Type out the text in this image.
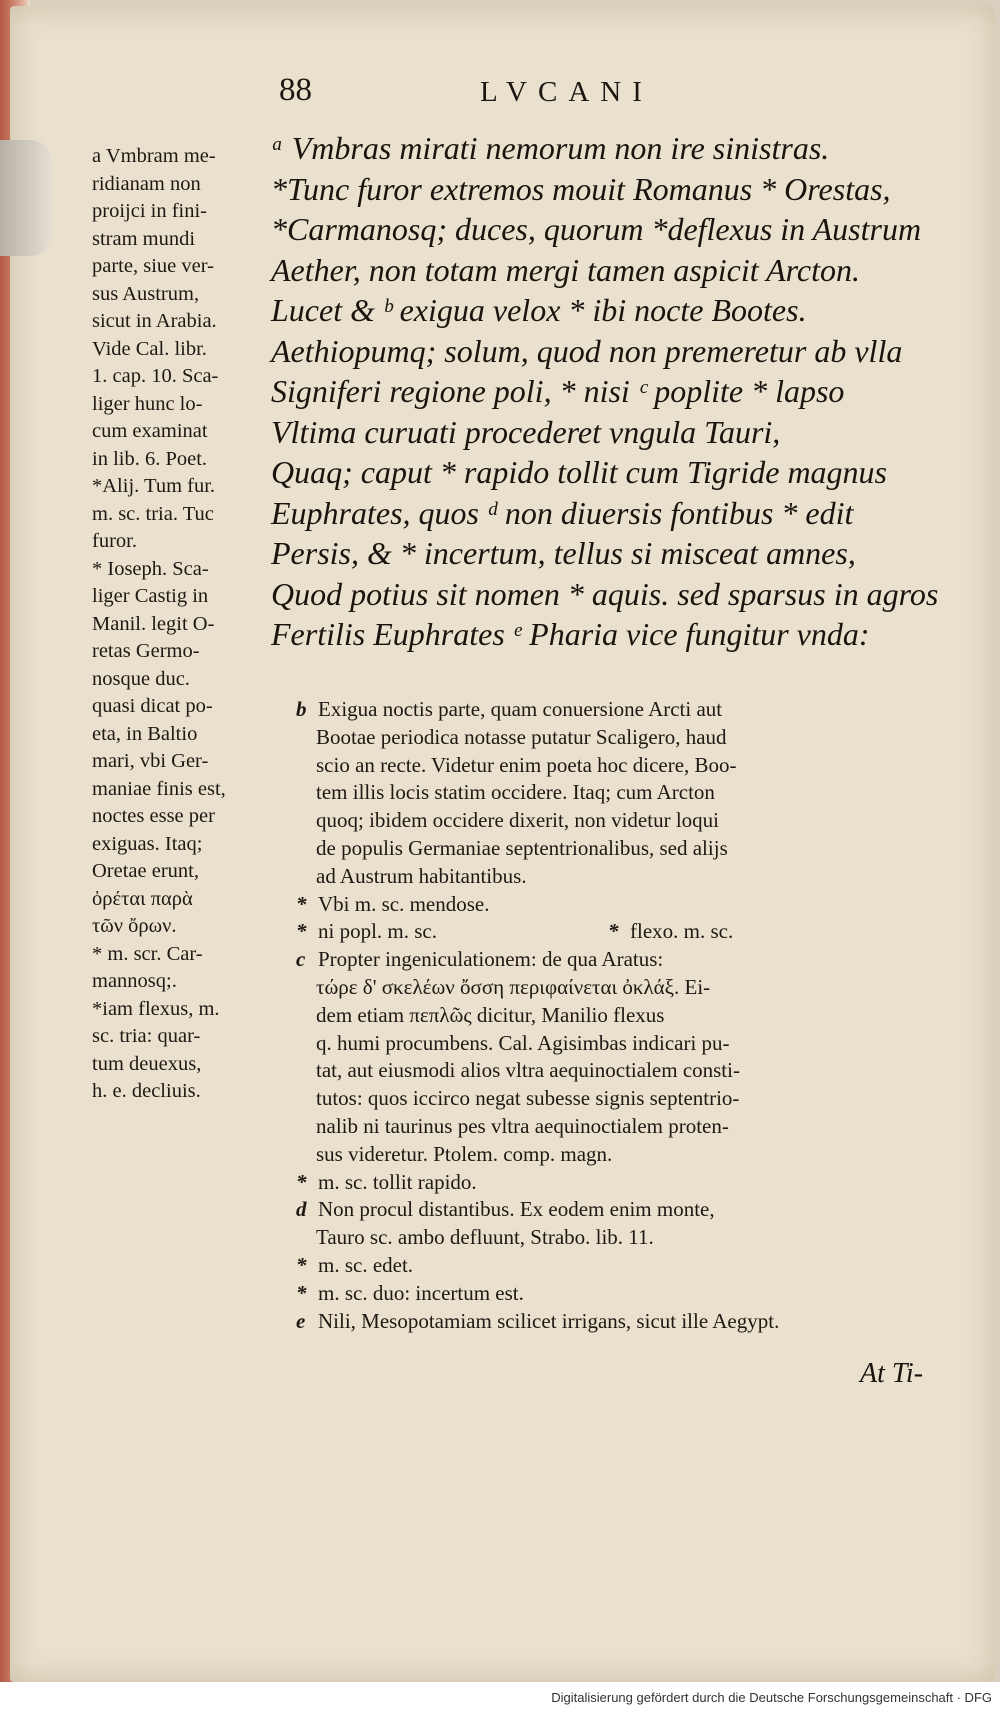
88	LVCANI
ᵃ Vmbras mirati nemorum non ire sinistras.
*Tunc furor extremos mouit Romanus * Orestas,
*Carmanosq; duces, quorum *deflexus in Austrum
Aether, non totam mergi tamen aspicit Arcton.
Lucet & ᵇ exigua velox * ibi nocte Bootes.
Aethiopumq; solum, quod non premeretur ab vlla
Signiferi regione poli, * nisi ᶜ poplite * lapso
Vltima curuati procederet vngula Tauri,
Quaq; caput * rapido tollit cum Tigride magnus
Euphrates, quos ᵈ non diuersis fontibus * edit
Persis, & * incertum, tellus si misceat amnes,
Quod potius sit nomen * aquis. sed sparsus in agros
Fertilis Euphrates ᵉ Pharia vice fungitur vnda:
a Vmbram me-
ridianam non
proijci in fini-
stram mundi
parte, siue ver-
sus Austrum,
sicut in Arabia.
Vide Cal. libr.
1. cap. 10. Sca-
liger hunc lo-
cum examinat
in lib. 6. Poet.
*Alij. Tum fur.
m. sc. tria. Tuc
furor.
* Ioseph. Sca-
liger Castig in
Manil. legit O-
retas Germo-
nosque duc.
quasi dicat po-
eta, in Baltio
mari, vbi Ger-
maniae finis est,
noctes esse per
exiguas. Itaq;
Oretae erunt,
ὀρέται παρὰ
τῶν ὄρων.
* m. scr. Car-
mannosq;.
*iam flexus, m.
sc. tria: quar-
tum deuexus,
h. e. decliuis.
b Exigua noctis parte, quam conuersione Arcti aut
Bootae periodica notasse putatur Scaligero, haud
scio an recte. Videtur enim poeta hoc dicere, Boo-
tem illis locis statim occidere. Itaq; cum Arcton
quoq; ibidem occidere dixerit, non videtur loqui
de populis Germaniae septentrionalibus, sed alijs
ad Austrum habitantibus.
* Vbi m. sc. mendose.
* ni popl. m. sc.	* flexo. m. sc.
c Propter ingeniculationem: de qua Aratus:
τώρε δ' σκελέων ὄσση περιφαίνεται ὀκλάξ. Ei-
dem etiam πεπλῶς dicitur, Manilio flexus
q. humi procumbens. Cal. Agisimbas indicari pu-
tat, aut eiusmodi alios vltra aequinoctialem consti-
tutos: quos iccirco negat subesse signis septentrio-
nalib ni taurinus pes vltra aequinoctialem proten-
sus videretur. Ptolem. comp. magn.
* m. sc. tollit rapido.
d Non procul distantibus. Ex eodem enim monte,
Tauro sc. ambo defluunt, Strabo. lib. 11.
* m. sc. edet.
* m. sc. duo: incertum est.
e Nili, Mesopotamiam scilicet irrigans, sicut ille Aegypt.
At Ti-
Digitalisierung gefördert durch die Deutsche Forschungsgemeinschaft · DFG
